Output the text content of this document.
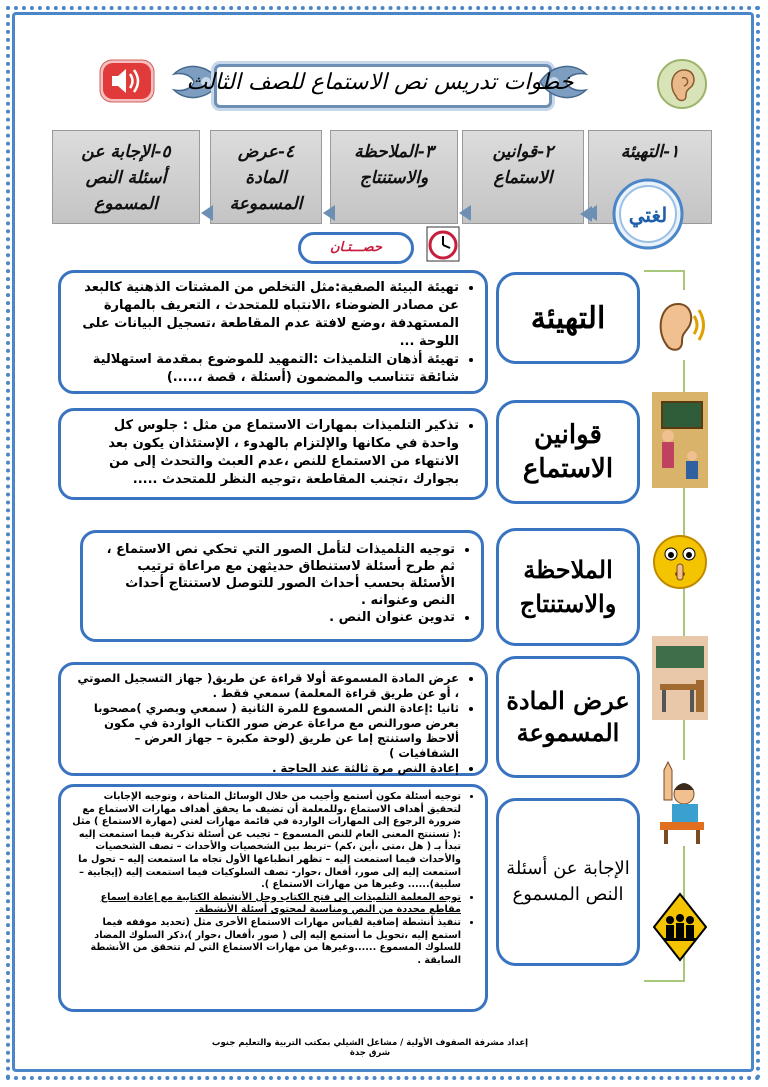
خطوات تدريس نص الاستماع للصف الثالث
١-التهيئة
٢-قوانين الاستماع
٣-الملاحظة والاستنتاج
٤-عرض المادة المسموعة
٥-الإجابة عن أسئلة النص المسموع	لغتي
حصـــتـان
التهيئة
• تهيئة البيئة الصفية:مثل التخلص من المشتات الذهنية كالبعد عن مصادر الضوضاء ،الانتباه للمتحدث ، التعريف بالمهارة المستهدفة ،وضع لافتة عدم المقاطعة ،تسجيل البيانات على اللوحة ...
• تهيئة أذهان التلميذات :التمهيد للموضوع بمقدمة استهلالية شائقة تتناسب والمضمون (أسئلة ، قصة ،.....)
قوانين الاستماع
• تذكير التلميذات بمهارات الاستماع من مثل : جلوس كل واحدة في مكانها والإلتزام بالهدوء ، الإستئذان يكون بعد الانتهاء من الاستماع للنص ،عدم العبث والتحدث إلى من بجوارك ،تجنب المقاطعة ،توجيه النظر للمتحدث .....
الملاحظة والاستنتاج
• توجيه التلميذات لتأمل الصور التي تحكي نص الاستماع ، ثم طرح أسئلة لاستنطاق حديثهن مع مراعاة ترتيب الأسئلة بحسب أحداث الصور للتوصل لاستنتاج أحداث النص وعنوانه .
• تدوين عنوان النص .
عرض المادة المسموعة
• عرض المادة المسموعة أولا قراءة عن طريق( جهاز التسجيل الصوتي ، أو عن طريق قراءة المعلمة) سمعي فقط .
• ثانيا :إعادة النص المسموع للمرة الثانية ( سمعي وبصري )مصحوبا بعرض صورالنص مع مراعاة عرض صور الكتاب الواردة في مكون ألاحظ واستنتج إما عن طريق (لوحة مكبرة – جهاز العرض – الشفافيات )
• إعادة النص مرة ثالثة عند الحاجة .
الإجابة عن أسئلة النص المسموع
• توجيه أسئلة مكون أستمع وأجيب من خلال الوسائل المتاحة ، وتوجيه الإجابات لتحقيق أهداف الاستماع ،وللمعلمة أن تضيف ما يحقق أهداف مهارات الاستماع مع ضرورة الرجوع إلى المهارات الواردة في قائمة مهارات لغتي (مهارة الاستماع ) مثل :( تستنتج المعنى العام للنص المسموع – تجيب عن أسئلة تذكرية فيما استمعت إليه تبدأ بـ ( هل ،متى ،أين ،كم) –تربط بين الشخصيات والأحداث – تصف الشخصيات والأحداث فيما استمعت إليه – تظهر انطباعها الأول تجاه ما استمعت إليه – تحول ما استمعت إليه إلى صور، أفعال ،حوار- تصف السلوكيات فيما استمعت إليه (إيجابية –سلبية)...... وغيرها من مهارات الاستماع ).
• توجه المعلمة التلميذات إلى فتح الكتاب وحل الأنشطة الكتابية مع إعادة إسماع مقاطع محددة من النص ومناسبة لمحتوى أسئلة الأنشطة.
• تنفيذ أنشطة إضافية لقياس مهارات الاستماع الأخرى مثل (تحديد موقفه فيما استمع إليه ،تحويل ما أستمع إليه إلى ( صور ،أفعال ،حوار )،ذكر السلوك المضاد للسلوك المسموع ......وغيرها من مهارات الاستماع التي لم تتحقق من الأنشطة السابقة .
إعداد مشرفة الصفوف الأولية / مشاعل الشيلي بمكتب التربية والتعليم جنوب شرق جدة
